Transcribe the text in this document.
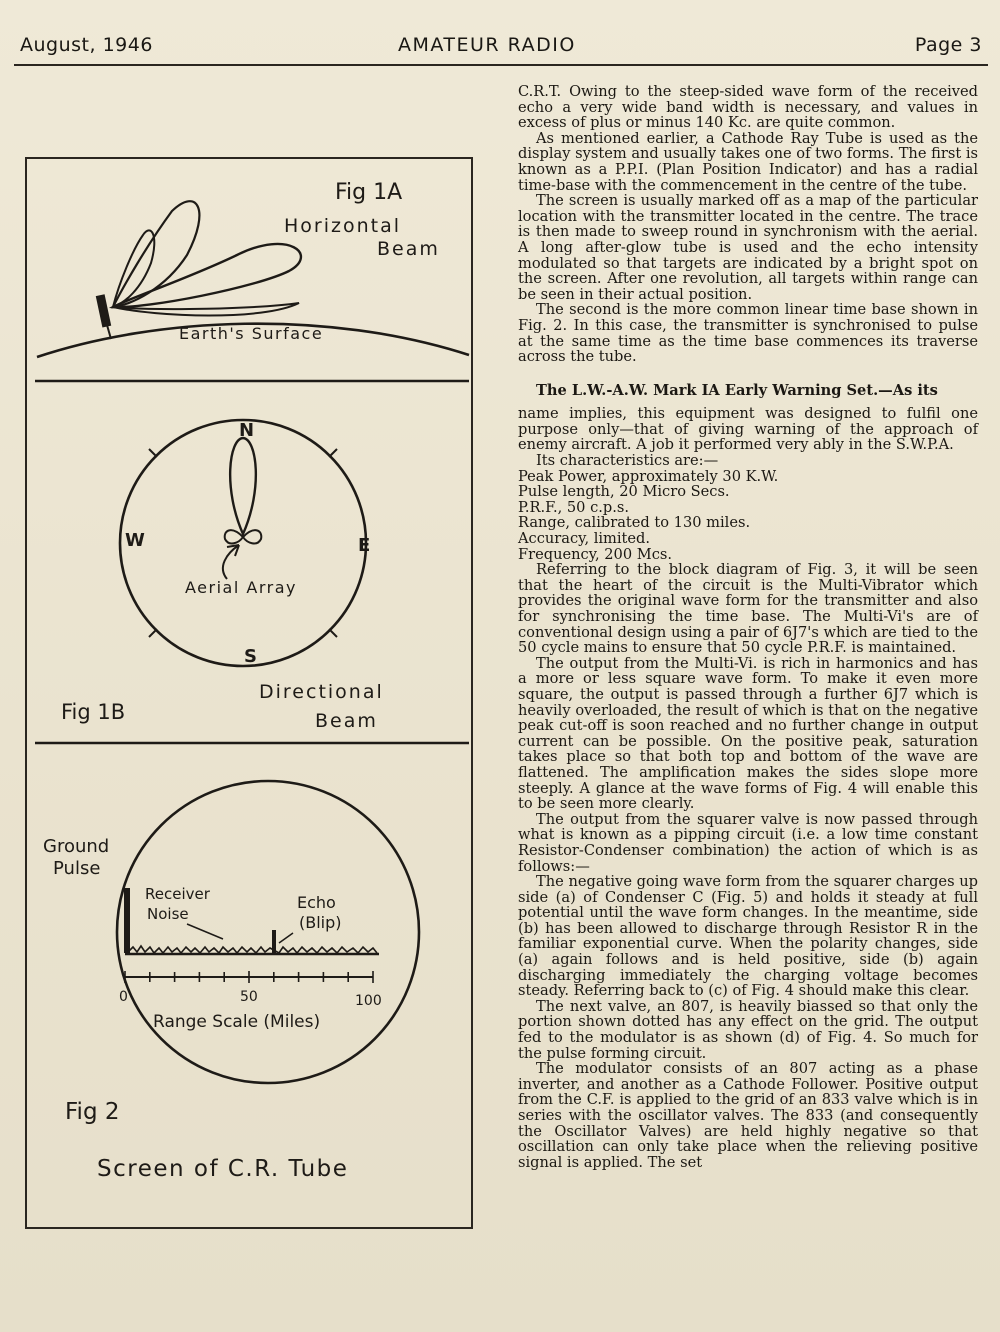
August, 1946	AMATEUR RADIO	Page 3
Fig 1A
Horizontal
Beam
Earth's Surface
N
S
E
W
Aerial Array
Fig 1B
Directional
Beam
Ground
Pulse
Receiver
Noise
Echo
(Blip)
0	50	100
Range Scale (Miles)
Fig 2
Screen of C.R. Tube

C.R.T. Owing to the steep-sided wave form of the received echo a very wide band width is necessary, and values in excess of plus or minus 140 Kc. are quite common.

As mentioned earlier, a Cathode Ray Tube is used as the display system and usually takes one of two forms. The first is known as a P.P.I. (Plan Position Indicator) and has a radial time-base with the commencement in the centre of the tube.

The screen is usually marked off as a map of the particular location with the transmitter located in the centre. The trace is then made to sweep round in synchronism with the aerial. A long after-glow tube is used and the echo intensity modulated so that targets are indicated by a bright spot on the screen. After one revolution, all targets within range can be seen in their actual position.

The second is the more common linear time base shown in Fig. 2. In this case, the transmitter is synchronised to pulse at the same time as the time base commences its traverse across the tube.

The L.W.-A.W. Mark IA Early Warning Set.—As its

name implies, this equipment was designed to fulfil one purpose only—that of giving warning of the approach of enemy aircraft. A job it performed very ably in the S.W.P.A.

Its characteristics are:—

Peak Power, approximately 30 K.W.

Pulse length, 20 Micro Secs.

P.R.F., 50 c.p.s.

Range, calibrated to 130 miles.

Accuracy, limited.

Frequency, 200 Mcs.

Referring to the block diagram of Fig. 3, it will be seen that the heart of the circuit is the Multi-Vibrator which provides the original wave form for the transmitter and also for synchronising the time base. The Multi-Vi's are of conventional design using a pair of 6J7's which are tied to the 50 cycle mains to ensure that 50 cycle P.R.F. is maintained.

The output from the Multi-Vi. is rich in harmonics and has a more or less square wave form. To make it even more square, the output is passed through a further 6J7 which is heavily overloaded, the result of which is that on the negative peak cut-off is soon reached and no further change in output current can be possible. On the positive peak, saturation takes place so that both top and bottom of the wave are flattened. The amplification makes the sides slope more steeply. A glance at the wave forms of Fig. 4 will enable this to be seen more clearly.

The output from the squarer valve is now passed through what is known as a pipping circuit (i.e. a low time constant Resistor-Condenser combination) the action of which is as follows:—

The negative going wave form from the squarer charges up side (a) of Condenser C (Fig. 5) and holds it steady at full potential until the wave form changes. In the meantime, side (b) has been allowed to discharge through Resistor R in the familiar exponential curve. When the polarity changes, side (a) again follows and is held positive, side (b) again discharging immediately the charging voltage becomes steady. Referring back to (c) of Fig. 4 should make this clear.

The next valve, an 807, is heavily biassed so that only the portion shown dotted has any effect on the grid. The output fed to the modulator is as shown (d) of Fig. 4. So much for the pulse forming circuit.

The modulator consists of an 807 acting as a phase inverter, and another as a Cathode Follower. Positive output from the C.F. is applied to the grid of an 833 valve which is in series with the oscillator valves. The 833 (and consequently the Oscillator Valves) are held highly negative so that oscillation can only take place when the relieving positive signal is applied. The set
